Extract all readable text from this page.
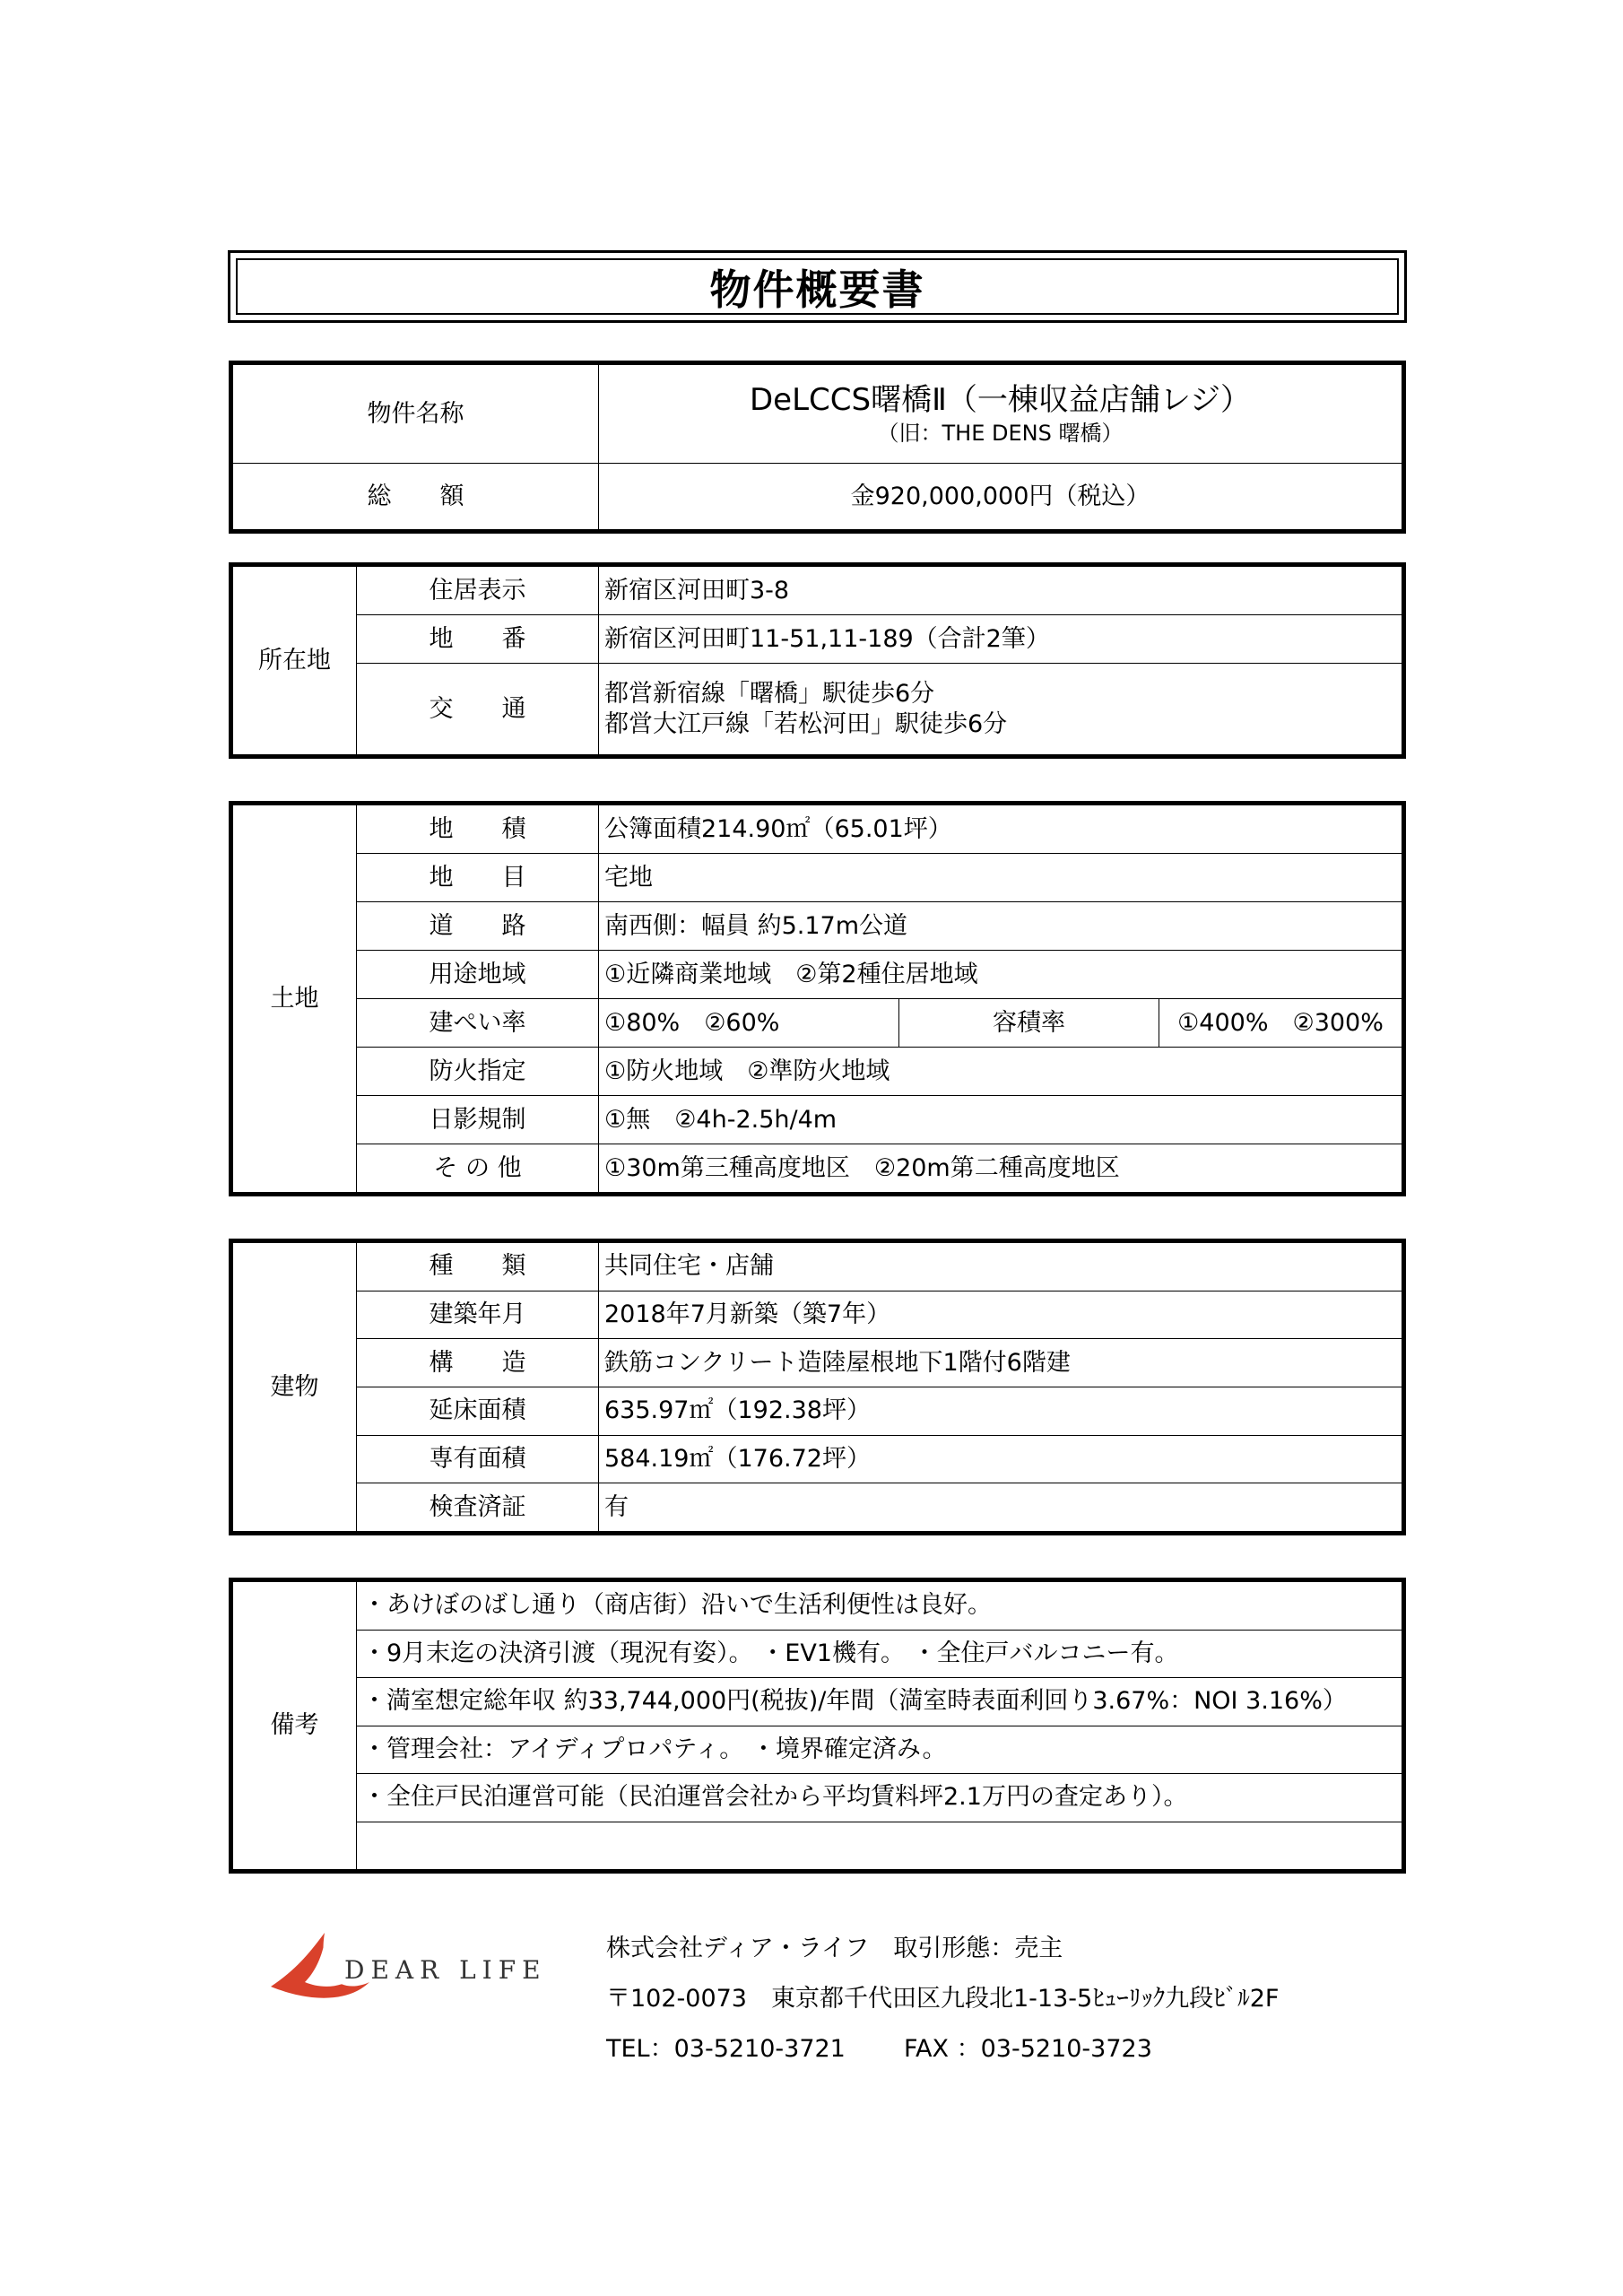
物件概要書
物件名称	DeLCCS曙橋Ⅱ（一棟収益店舗レジ）
（旧：THE DENS 曙橋）

総　　額	金920,000,000円（税込）
所在地	住居表示	新宿区河田町3-8
	地　　番	新宿区河田町11-51,11-189（合計2筆）
	交　　通	都営新宿線「曙橋」駅徒歩6分
都営大江戸線「若松河田」駅徒歩6分
土地	地　　積	公簿面積214.90㎡（65.01坪）		
	地　　目	宅地		
	道　　路	南西側：幅員 約5.17m公道		
	用途地域	①近隣商業地域　②第2種住居地域		
	建ぺい率	①80%　②60%	容積率	①400%　②300%
	防火指定	①防火地域　②準防火地域		
	日影規制	①無　②4h-2.5h/4m		
	そ の 他	①30m第三種高度地区　②20m第二種高度地区		
建物	種　　類	共同住宅・店舗
	建築年月	2018年7月新築（築7年）
	構　　造	鉄筋コンクリート造陸屋根地下1階付6階建
	延床面積	635.97㎡（192.38坪）
	専有面積	584.19㎡（176.72坪）
	検査済証	有
備考	・あけぼのばし通り（商店街）沿いで生活利便性は良好。
・9月末迄の決済引渡（現況有姿）。 ・EV1機有。 ・全住戸バルコニー有。
・満室想定総年収 約33,744,000円(税抜)/年間（満室時表面利回り3.67%：NOI 3.16%）
・管理会社：アイディプロパティ。 ・境界確定済み。
・全住戸民泊運営可能（民泊運営会社から平均賃料坪2.1万円の査定あり）。

DEAR LIFE
株式会社ディア・ライフ　取引形態：売主
〒102-0073　東京都千代田区九段北1-13-5ﾋｭｰﾘｯｸ九段ﾋﾞﾙ2F
TEL：03-5210-3721 FAX ：03-5210-3723
